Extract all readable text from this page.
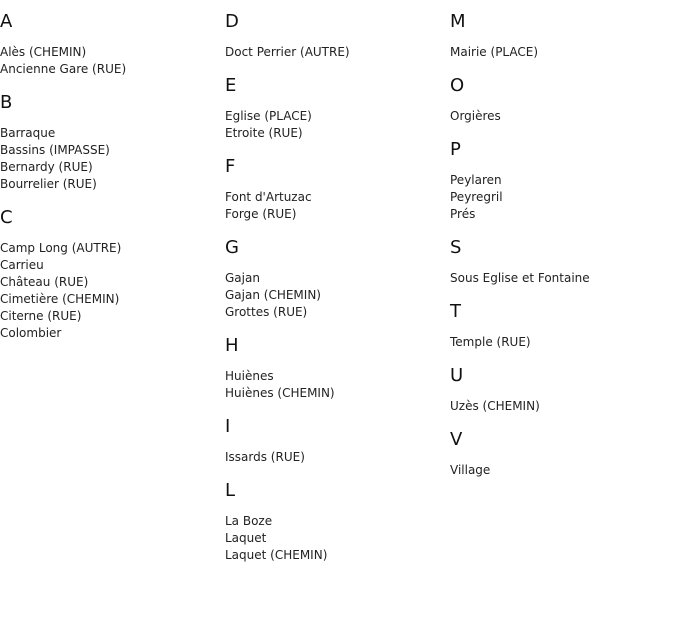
A
Alès (CHEMIN)
Ancienne Gare (RUE)
B
Barraque
Bassins (IMPASSE)
Bernardy (RUE)
Bourrelier (RUE)
C
Camp Long (AUTRE)
Carrieu
Château (RUE)
Cimetière (CHEMIN)
Citerne (RUE)
Colombier
D
Doct Perrier (AUTRE)
E
Eglise (PLACE)
Etroite (RUE)
F
Font d'Artuzac
Forge (RUE)
G
Gajan
Gajan (CHEMIN)
Grottes (RUE)
H
Huiènes
Huiènes (CHEMIN)
I
Issards (RUE)
L
La Boze
Laquet
Laquet (CHEMIN)
M
Mairie (PLACE)
O
Orgières
P
Peylaren
Peyregril
Prés
S
Sous Eglise et Fontaine
T
Temple (RUE)
U
Uzès (CHEMIN)
V
Village
